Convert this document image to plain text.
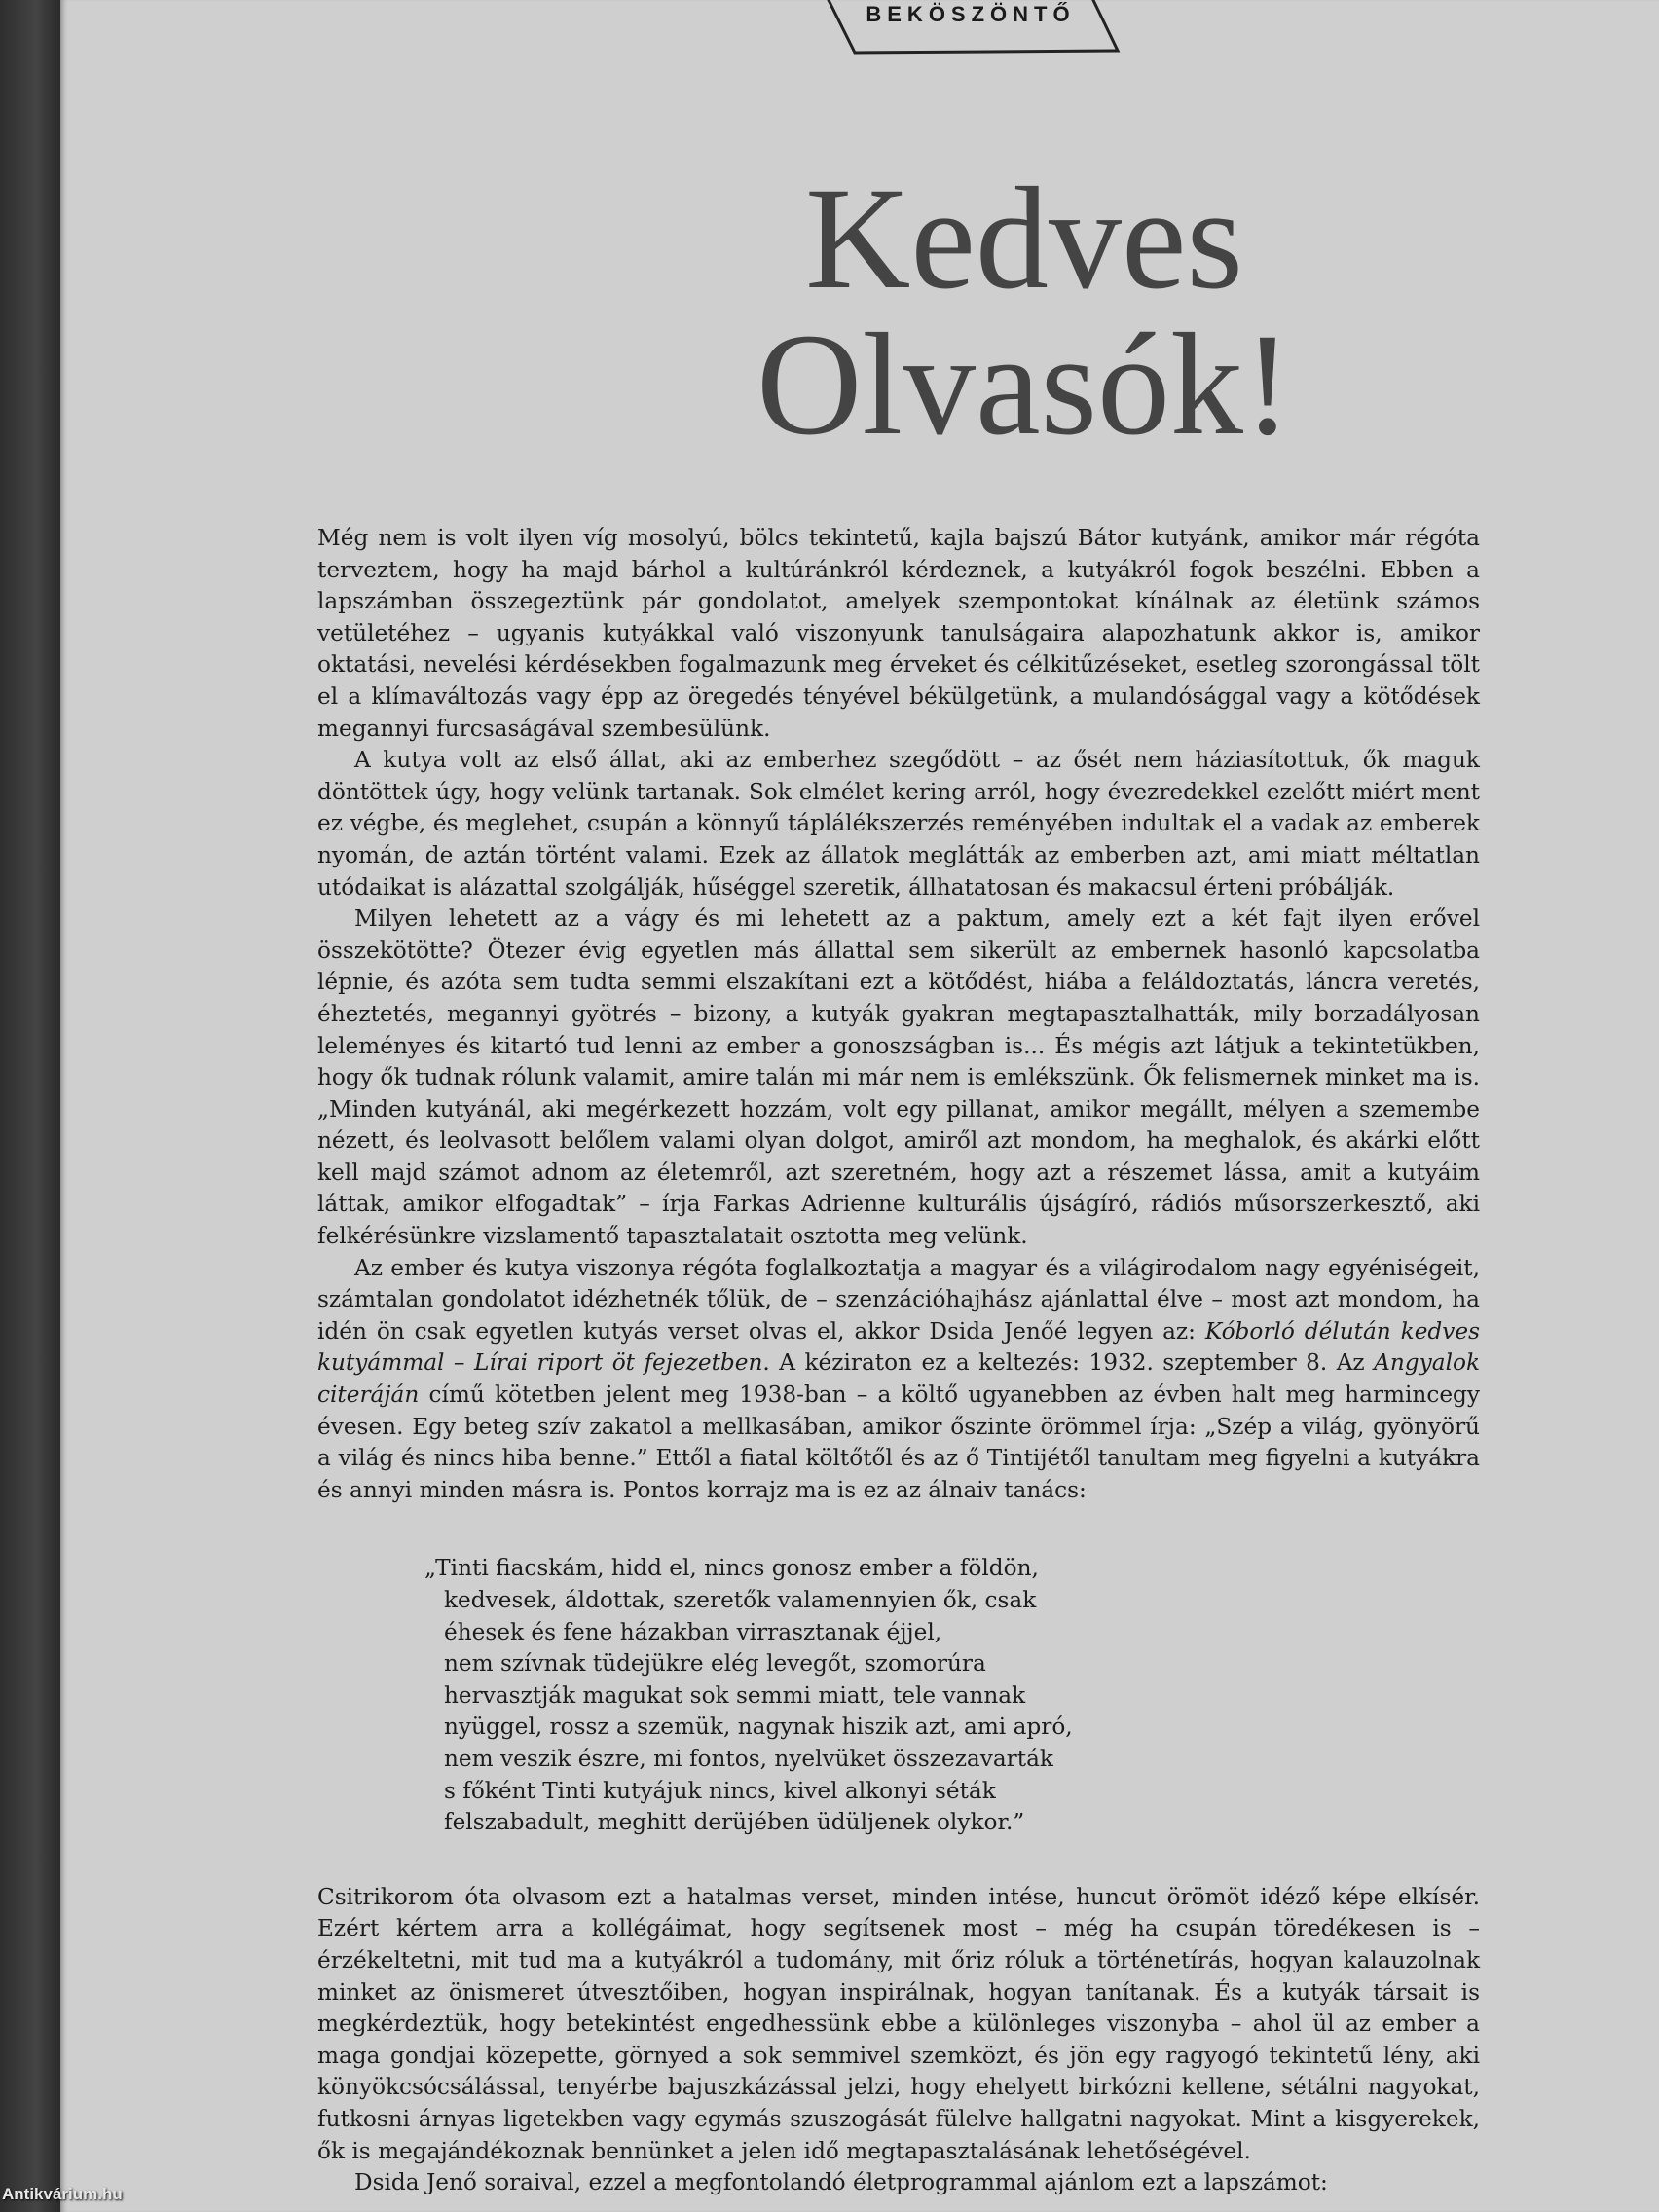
BEKÖSZÖNTŐ
Kedves
Olvasók!

Még nem is volt ilyen víg mosolyú, bölcs tekintetű, kajla bajszú Bátor kutyánk, amikor már régóta terveztem, hogy ha majd bárhol a kultúránkról kérdeznek, a kutyákról fogok beszélni. Ebben a lapszámban összegeztünk pár gondolatot, amelyek szempontokat kínálnak az életünk számos vetületéhez – ugyanis kutyákkal való viszonyunk tanulságaira alapozhatunk akkor is, amikor oktatási, nevelési kérdésekben fogalmazunk meg érveket és célkitűzéseket, esetleg szorongással tölt el a klímaváltozás vagy épp az öregedés tényével békülgetünk, a mulandósággal vagy a kötődések megannyi furcsaságával szembesülünk.

A kutya volt az első állat, aki az emberhez szegődött – az ősét nem háziasítottuk, ők maguk döntöttek úgy, hogy velünk tartanak. Sok elmélet kering arról, hogy évezredekkel ezelőtt miért ment ez végbe, és meglehet, csupán a könnyű táplálékszerzés reményében indultak el a vadak az emberek nyomán, de aztán történt valami. Ezek az állatok meglátták az emberben azt, ami miatt méltatlan utódaikat is alázattal szolgálják, hűséggel szeretik, állhatatosan és makacsul érteni próbálják.

Milyen lehetett az a vágy és mi lehetett az a paktum, amely ezt a két fajt ilyen erővel összekötötte? Ötezer évig egyetlen más állattal sem sikerült az embernek hasonló kapcsolatba lépnie, és azóta sem tudta semmi elszakítani ezt a kötődést, hiába a feláldoztatás, láncra veretés, éheztetés, megannyi gyötrés – bizony, a kutyák gyakran megtapasztalhatták, mily borzadályosan leleményes és kitartó tud lenni az ember a gonoszságban is... És mégis azt látjuk a tekintetükben, hogy ők tudnak rólunk valamit, amire talán mi már nem is emlékszünk. Ők felismernek minket ma is. „Minden kutyánál, aki megérkezett hozzám, volt egy pillanat, amikor megállt, mélyen a szemembe nézett, és leolvasott belőlem valami olyan dolgot, amiről azt mondom, ha meghalok, és akárki előtt kell majd számot adnom az életemről, azt szeretném, hogy azt a részemet lássa, amit a kutyáim láttak, amikor elfogadtak” – írja Farkas Adrienne kulturális újságíró, rádiós műsorszerkesztő, aki felkérésünkre vizslamentő tapasztalatait osztotta meg velünk.

Az ember és kutya viszonya régóta foglalkoztatja a magyar és a világirodalom nagy egyéniségeit, számtalan gondolatot idézhetnék tőlük, de – szenzációhajhász ajánlattal élve – most azt mondom, ha idén ön csak egyetlen kutyás verset olvas el, akkor Dsida Jenőé legyen az: Kóborló délután kedves kutyámmal – Lírai riport öt fejezetben. A kéziraton ez a keltezés: 1932. szeptember 8. Az Angyalok citeráján című kötetben jelent meg 1938-ban – a költő ugyanebben az évben halt meg harmincegy évesen. Egy beteg szív zakatol a mellkasában, amikor őszinte örömmel írja: „Szép a világ, gyönyörű a világ és nincs hiba benne.” Ettől a fiatal költőtől és az ő Tintijétől tanultam meg figyelni a kutyákra és annyi minden másra is. Pontos korrajz ma is ez az álnaiv tanács:

„Tinti fiacskám, hidd el, nincs gonosz ember a földön,
kedvesek, áldottak, szeretők valamennyien ők, csak
éhesek és fene házakban virrasztanak éjjel,
nem szívnak tüdejükre elég levegőt, szomorúra
hervasztják magukat sok semmi miatt, tele vannak
nyüggel, rossz a szemük, nagynak hiszik azt, ami apró,
nem veszik észre, mi fontos, nyelvüket összezavarták
s főként Tinti kutyájuk nincs, kivel alkonyi séták
felszabadult, meghitt derüjében üdüljenek olykor.”

Csitrikorom óta olvasom ezt a hatalmas verset, minden intése, huncut örömöt idéző képe elkísér. Ezért kértem arra a kollégáimat, hogy segítsenek most – még ha csupán töredékesen is – érzékeltetni, mit tud ma a kutyákról a tudomány, mit őriz róluk a történetírás, hogyan kalauzolnak minket az önismeret útvesztőiben, hogyan inspirálnak, hogyan tanítanak. És a kutyák társait is megkérdeztük, hogy betekintést engedhessünk ebbe a különleges viszonyba – ahol ül az ember a maga gondjai közepette, görnyed a sok semmivel szemközt, és jön egy ragyogó tekintetű lény, aki könyökcsócsálással, tenyérbe bajuszkázással jelzi, hogy ehelyett birkózni kellene, sétálni nagyokat, futkosni árnyas ligetekben vagy egymás szuszogását fülelve hallgatni nagyokat. Mint a kisgyerekek, ők is megajándékoznak bennünket a jelen idő megtapasztalásának lehetőségével.

Dsida Jenő soraival, ezzel a megfontolandó életprogrammal ajánlom ezt a lapszámot:

Antikvárium.hu
